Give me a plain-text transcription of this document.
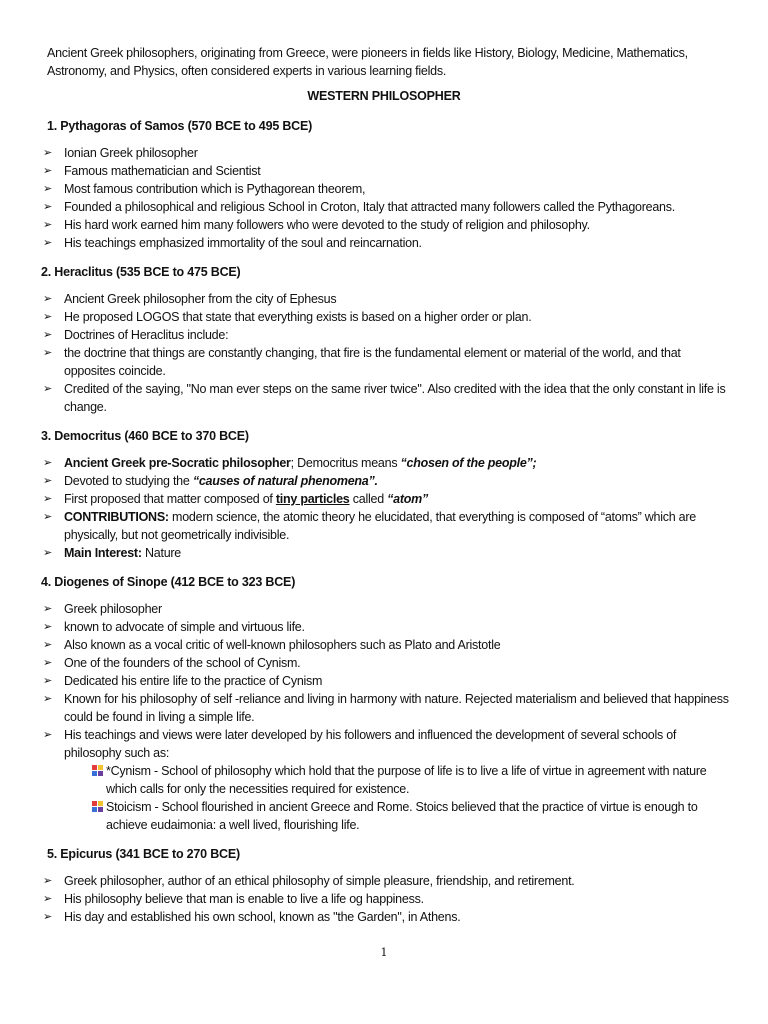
Ancient Greek philosophers, originating from Greece, were pioneers in fields like History, Biology, Medicine, Mathematics, Astronomy, and Physics, often considered experts in various learning fields.
WESTERN PHILOSOPHER
1. Pythagoras of Samos (570 BCE to 495 BCE)
➢ Ionian Greek philosopher
➢ Famous mathematician and Scientist
➢ Most famous contribution which is Pythagorean theorem,
➢ Founded a philosophical and religious School in Croton, Italy that attracted many followers called the Pythagoreans.
➢ His hard work earned him many followers who were devoted to the study of religion and philosophy.
➢ His teachings emphasized immortality of the soul and reincarnation.
2. Heraclitus (535 BCE to 475 BCE)
➢ Ancient Greek philosopher from the city of Ephesus
➢ He proposed LOGOS that state that everything exists is based on a higher order or plan.
➢ Doctrines of Heraclitus include:
➢ the doctrine that things are constantly changing, that fire is the fundamental element or material of the world, and that opposites coincide.
➢ Credited of the saying, "No man ever steps on the same river twice". Also credited with the idea that the only constant in life is change.
3. Democritus (460 BCE to 370 BCE)
➢ Ancient Greek pre-Socratic philosopher; Democritus means “chosen of the people”;
➢ Devoted to studying the “causes of natural phenomena”.
➢ First proposed that matter composed of tiny particles called “atom”
➢ CONTRIBUTIONS: modern science, the atomic theory he elucidated, that everything is composed of “atoms” which are physically, but not geometrically indivisible.
➢ Main Interest: Nature
4. Diogenes of Sinope (412 BCE to 323 BCE)
➢ Greek philosopher
➢ known to advocate of simple and virtuous life.
➢ Also known as a vocal critic of well-known philosophers such as Plato and Aristotle
➢ One of the founders of the school of Cynism.
➢ Dedicated his entire life to the practice of Cynism
➢ Known for his philosophy of self -reliance and living in harmony with nature. Rejected materialism and believed that happiness could be found in living a simple life.
➢ His teachings and views were later developed by his followers and influenced the development of several schools of philosophy such as:
*Cynism - School of philosophy which hold that the purpose of life is to live a life of virtue in agreement with nature which calls for only the necessities required for existence.
Stoicism - School flourished in ancient Greece and Rome. Stoics believed that the practice of virtue is enough to achieve eudaimonia: a well lived, flourishing life.
5. Epicurus (341 BCE to 270 BCE)
➢ Greek philosopher, author of an ethical philosophy of simple pleasure, friendship, and retirement.
➢ His philosophy believe that man is enable to live a life og happiness.
➢ His day and established his own school, known as "the Garden", in Athens.
1
